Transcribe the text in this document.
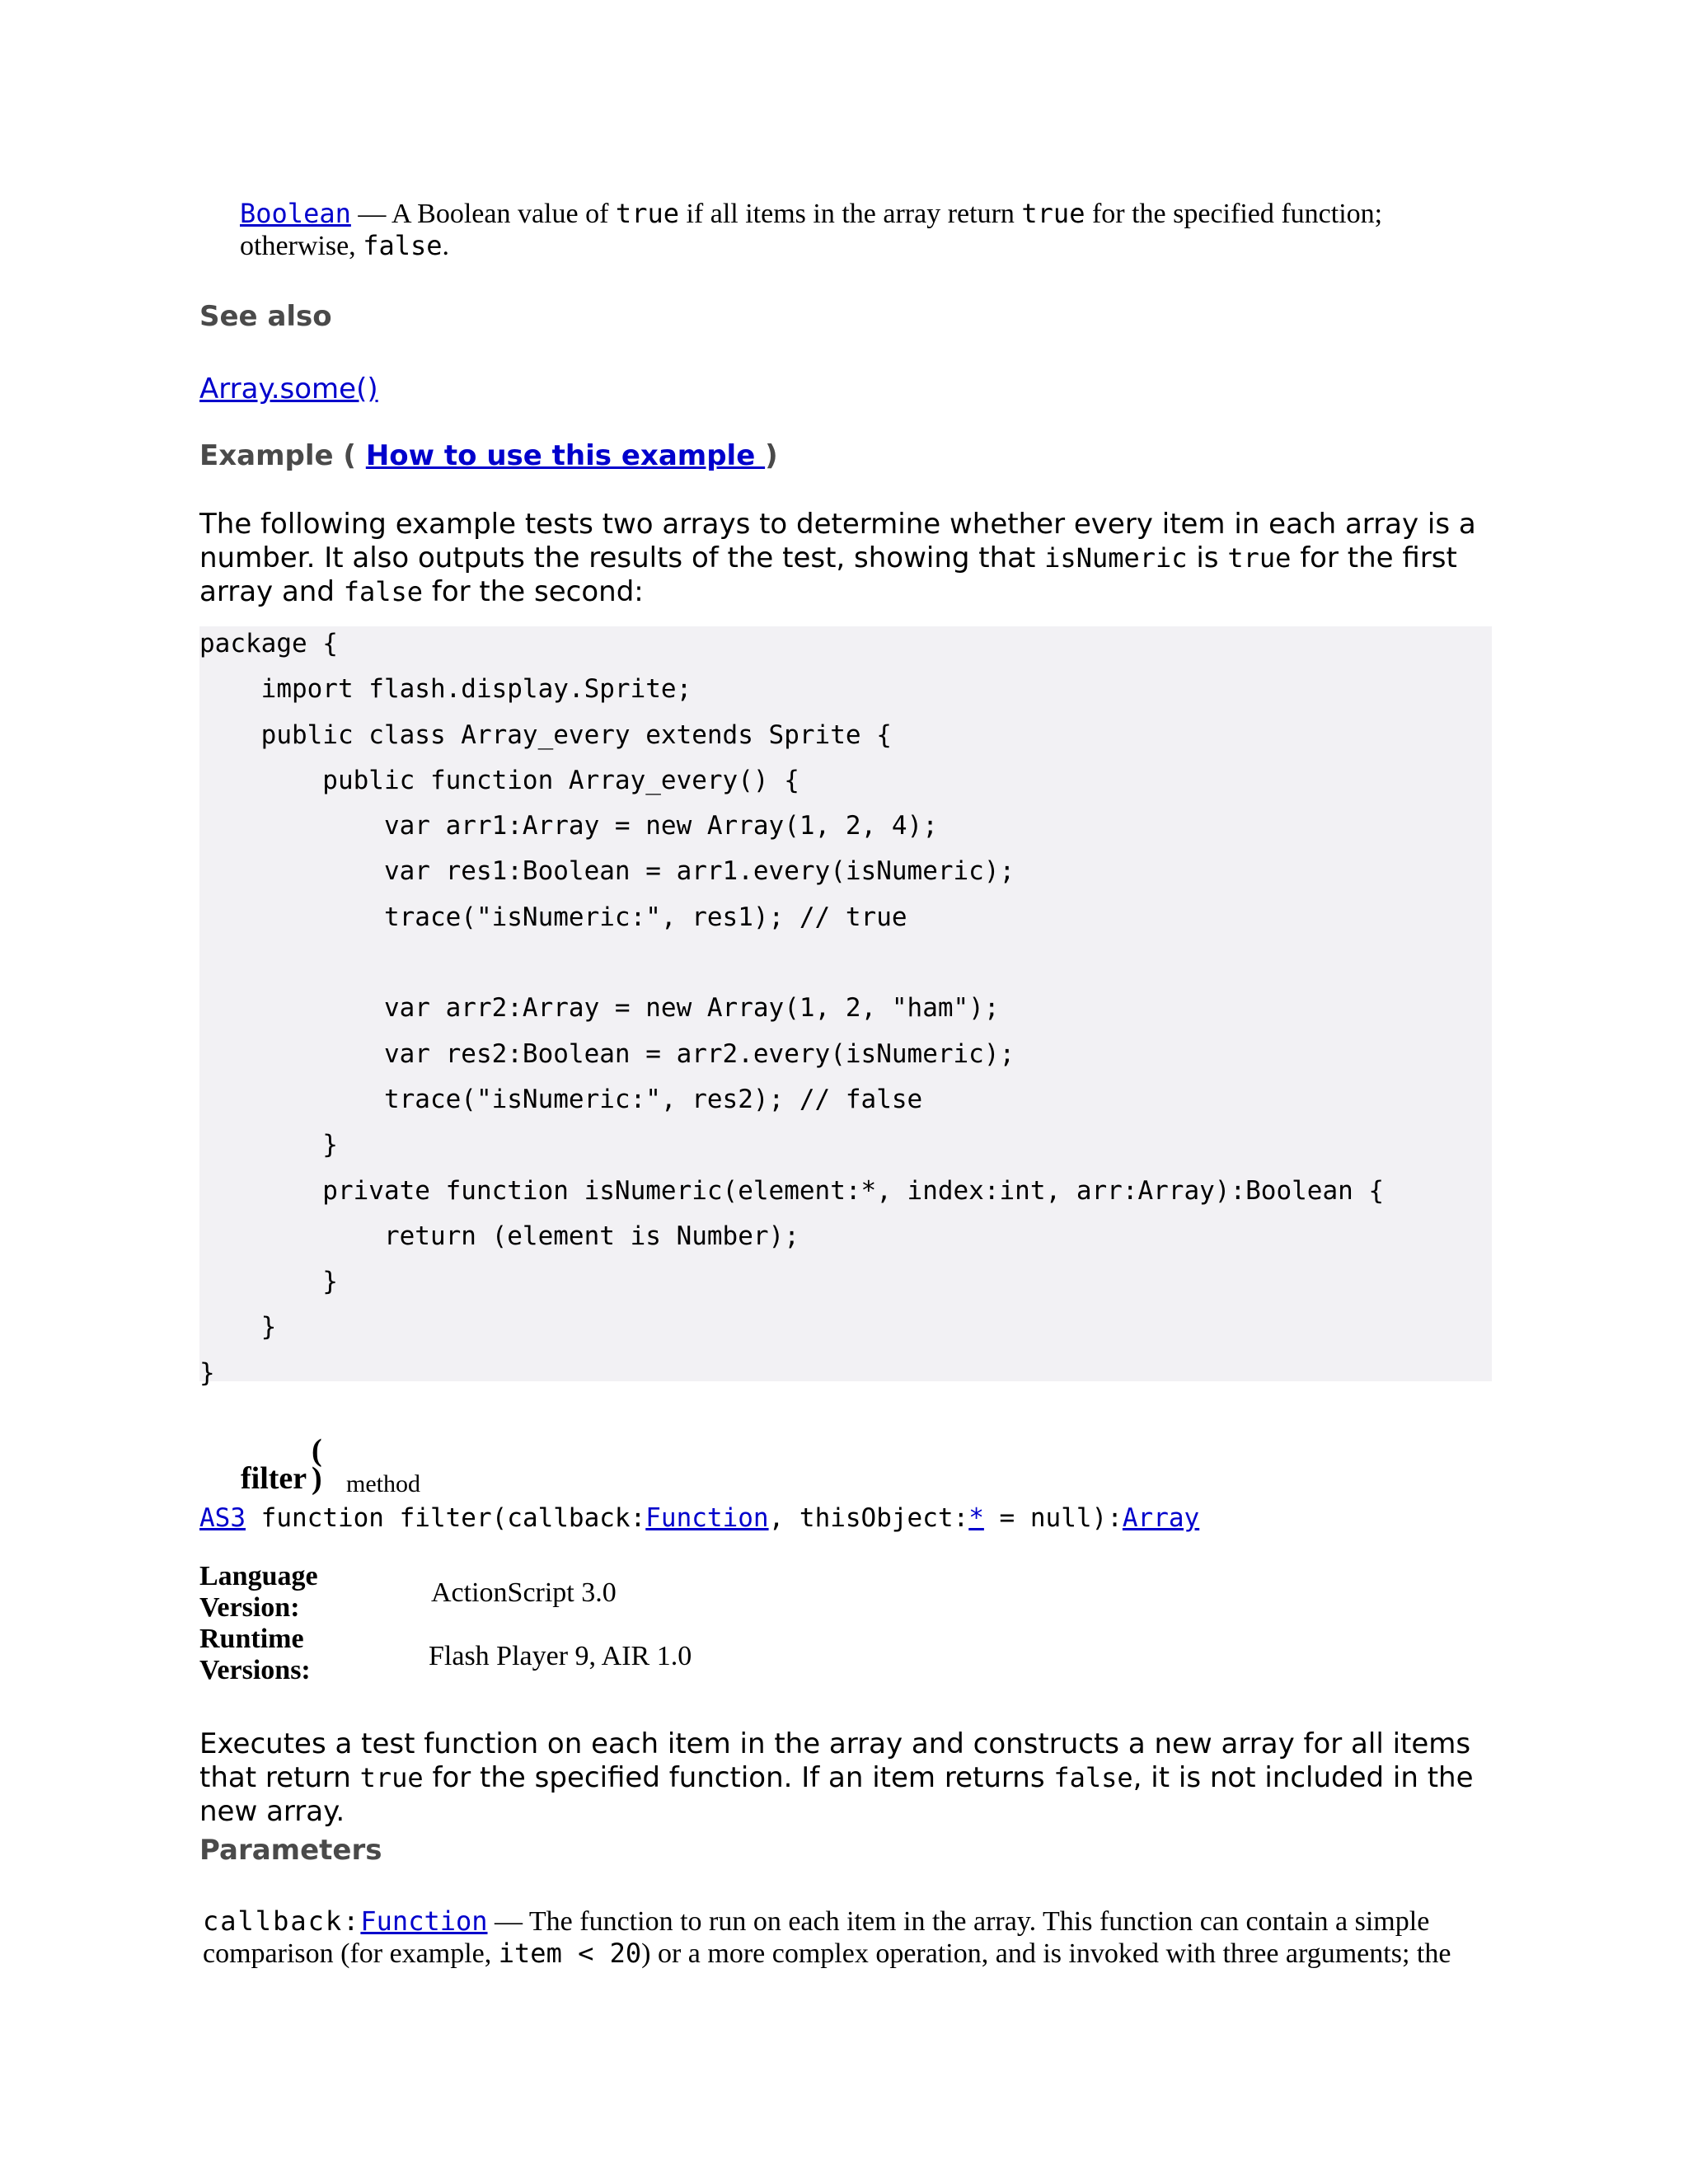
Boolean — A Boolean value of true if all items in the array return true for the specified function; otherwise, false.
See also
Array.some()
Example ( How to use this example )
The following example tests two arrays to determine whether every item in each array is a number. It also outputs the results of the test, showing that isNumeric is true for the first array and false for the second:
package {
import flash.display.Sprite;
public class Array_every extends Sprite {
public function Array_every() {
var arr1:Array = new Array(1, 2, 4);
var res1:Boolean = arr1.every(isNumeric);
trace("isNumeric:", res1); // true

var arr2:Array = new Array(1, 2, "ham");
var res2:Boolean = arr2.every(isNumeric);
trace("isNumeric:", res2); // false
}
private function isNumeric(element:*, index:int, arr:Array):Boolean {
return (element is Number);
}
}
}
(
filter ) method
AS3 function filter(callback:Function, thisObject:* = null):Array
Language Version:	ActionScript 3.0
Runtime Versions:	Flash Player 9, AIR 1.0
Executes a test function on each item in the array and constructs a new array for all items that return true for the specified function. If an item returns false, it is not included in the new array.
Parameters
callback:Function — The function to run on each item in the array. This function can contain a simple comparison (for example, item < 20) or a more complex operation, and is invoked with three arguments; the
